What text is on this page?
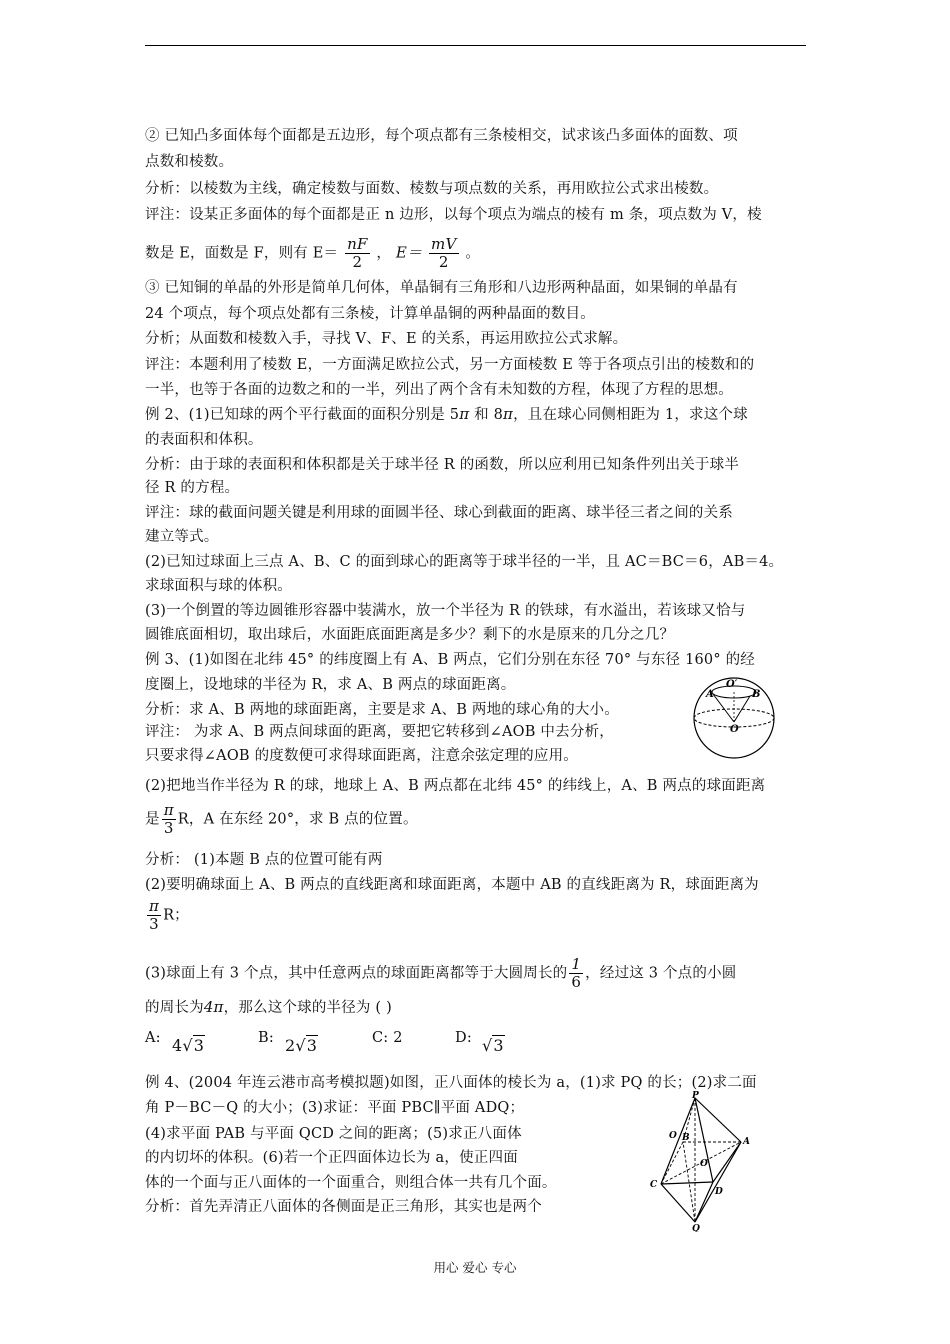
② 已知凸多面体每个面都是五边形，每个项点都有三条棱相交，试求该凸多面体的面数、项
点数和棱数。
分析：以棱数为主线，确定棱数与面数、棱数与项点数的关系，再用欧拉公式求出棱数。
评注：设某正多面体的每个面都是正 n 边形，以每个项点为端点的棱有 m 条，项点数为 V，棱
数是 E，面数是 F，则有 $E= \frac{nF}{2}$ ， $E= \frac{mV}{2}$ 。
③ 已知铜的单晶的外形是简单几何体，单晶铜有三角形和八边形两种晶面，如果铜的单晶有
24 个项点，每个项点处都有三条棱，计算单晶铜的两种晶面的数目。
分析；从面数和棱数入手，寻找 V、F、E 的关系，再运用欧拉公式求解。
评注：本题利用了棱数 E，一方面满足欧拉公式，另一方面棱数 E 等于各项点引出的棱数和的
一半，也等于各面的边数之和的一半，列出了两个含有未知数的方程，体现了方程的思想。
例 2、(1)已知球的两个平行截面的面积分别是 5π 和 8π，且在球心同侧相距为 1，求这个球
的表面积和体积。
分析：由于球的表面积和体积都是关于球半径 R 的函数，所以应利用已知条件列出关于球半
径 R 的方程。
评注：球的截面问题关键是利用球的面圆半径、球心到截面的距离、球半径三者之间的关系
建立等式。
(2)已知过球面上三点 A、B、C 的面到球心的距离等于球半径的一半，且 AC＝BC＝6，AB＝4。
求球面积与球的体积。
(3)一个倒置的等边圆锥形容器中装满水，放一个半径为 R 的铁球，有水溢出，若该球又恰与
圆锥底面相切，取出球后，水面距底面距离是多少？剩下的水是原来的几分之几？
例 3、(1)如图在北纬 45° 的纬度圈上有 A、B 两点，它们分别在东径 70° 与东径 160° 的经
度圈上，设地球的半径为 R，求 A、B 两点的球面距离。
分析：求 A、B 两地的球面距离，主要是求 A、B 两地的球心角的大小。
评注： 为求 A、B 两点间球面的距离，要把它转移到∠AOB 中去分析，
只要求得∠AOB 的度数便可求得球面距离，注意余弦定理的应用。
O′
A	B
O
(2)把地当作半径为 R 的球，地球上 A、B 两点都在北纬 45° 的纬线上，A、B 两点的球面距离
是 $\frac{\pi}{3}$ R，A 在东经 20°，求 B 点的位置。
分析： (1)本题 B 点的位置可能有两
(2)要明确球面上 A、B 两点的直线距离和球面距离，本题中 AB 的直线距离为 R，球面距离为
$\frac{\pi}{3}$ R；
(3)球面上有 3 个点，其中任意两点的球面距离都等于大圆周长的 $\frac{1}{6}$ ，经过这 3 个点的小圆
的周长为4π，那么这个球的半径为 ( )
A: 4√3	B: 2√3	C: 2	D: √3
例 4、(2004 年连云港市高考模拟题)如图，正八面体的棱长为 a，(1)求 PQ 的长；(2)求二面
角 P－BC－Q 的大小；(3)求证：平面 PBC∥平面 ADQ；
(4)求平面 PAB 与平面 QCD 之间的距离；(5)求正八面体
的内切坏的体积。(6)若一个正四面体边长为 a，使正四面
体的一个面与正八面体的一个面重合，则组合体一共有几个面。
分析：首先弄清正八面体的各侧面是正三角形，其实也是两个
P
O B	A
C
D
O
Q
用心 爱心 专心
